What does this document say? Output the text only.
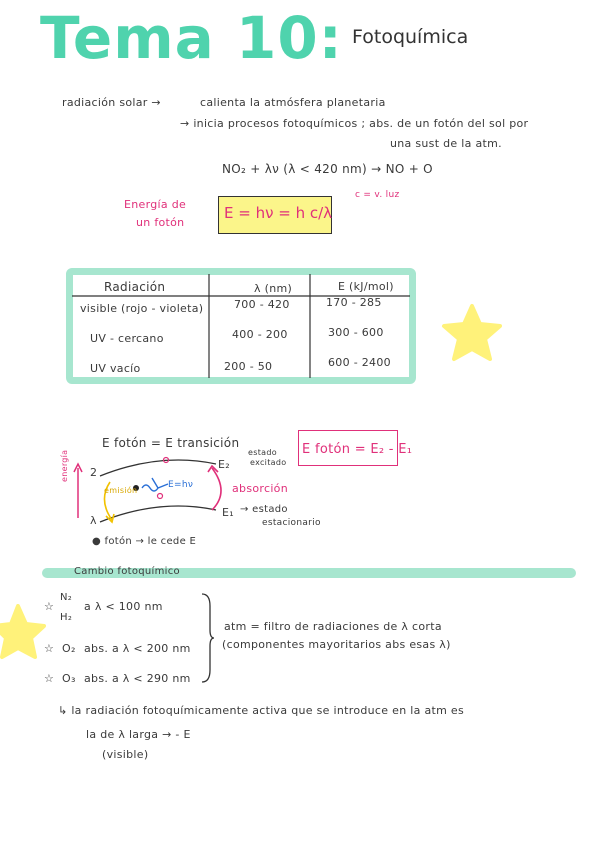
Tema 10: Fotoquímica
radiación solar →	calienta la atmósfera planetaria
→ inicia procesos fotoquímicos ; abs. de un fotón del sol por
una sust de la atm.
NO₂ + λν (λ < 420 nm) → NO + O
Energía de
un fotón
E = hν = h c/λ
c = v. luz
Radiación	λ (nm)	E (kJ/mol)
visible (rojo - violeta)	700 - 420	170 - 285
UV - cercano	400 - 200	300 - 600
UV vacío	200 - 50	600 - 2400
E fotón = E transición	E fotón = E₂ - E₁
energía 2
λ
E₂
E₁
estado
excitado
→ estado
estacionario
emisión	absorción
E=hν
● fotón → le cede E
Cambio fotoquímico
☆
N₂
H₂
a λ < 100 nm
☆ O₂ abs. a λ < 200 nm
☆ O₃ abs. a λ < 290 nm
atm = filtro de radiaciones de λ corta
(componentes mayoritarios abs esas λ)
↳ la radiación fotoquímicamente activa que se introduce en la atm es
la de λ larga → - E
(visible)
